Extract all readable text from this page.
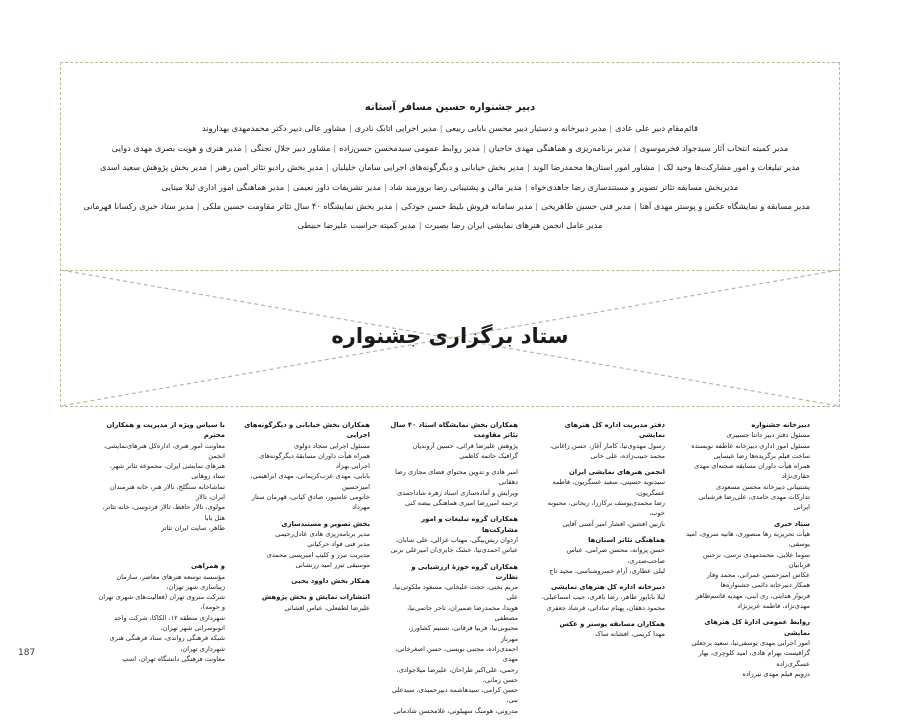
دبیر جشنواره حسین مسافر آستانه
قائم‌مقام دبیر علی عادی|مدیر دبیرخانه و دستیار دبیر محسن بابایی ربیعی|مدیر اجرایی اتابک نادری|مشاور عالی دبیر دکتر محمدمهدی بهداروند
مدیر کمیته انتخاب آثار سیدجواد فخرموسوی|مدیر برنامه‌ریزی و هماهنگی مهدی حاجیان|مدیر روابط عمومی سیدمحسن حسن‌زاده|مشاور دبیر جلال تجنگی|مدیر هنری و هویت بصری مهدی دوایی
مدیر تبلیغات و امور مشارکت‌ها وحید لک|مشاور امور استان‌ها محمدرضا الوند|مدیر بخش خیابانی و دیگرگونه‌های اجرایی سامان خلیلیان|مدیر بخش رادیو تئاتر امین رهبر|مدیر بخش پژوهش سعید اسدی
مدیربخش مسابقه تئاتر تصویر و مستندسازی رضا جاهدی‌خواه|مدیر مالی و پشتیبانی رضا بروزمند شاد|مدیر تشریفات داور نعیمی|مدیر هماهنگی امور اداری لیلا مینایی
مدیر مسابقه و نمایشگاه عکس و پوستر مهدی آهنا|مدیر فنی حسین طاهریخی|مدیر سامانه فروش بلیط حسن جودکی|مدیر بخش نمایشگاه ۴۰ سال تئاتر مقاومت حسین ملکی|مدیر ستاد خبری رکسانا قهرمانی
مدیر عامل انجمن هنرهای نمایشی ایران رضا بصیرت|مدیر کمیته حراست علیرضا حبیطی
ستاد برگزاری جشنواره
دبیرخانه جشنواره

مسئول دفتر دبیر داتنا جسیبری
مسئول امور اداری دبیرخانه عاطفه نویسنده
ساخت فیلم برگزیده‌ها رضا عیسایی
همراه هیأت داوران مسابقه صحنه‌ای مهدی حقاری‌نژاد
پشتیبانی دبیرخانه محسن مسعودی
تدارکات مهدی حامدی، علی‌رضا فرشبانی ایزانی

ستاد خبری

هیأت تحریریه رها منصوری، هانیه سروی، امید یوسفی،
سوما علایی، محمدمهدی نرسی، نرجس قربانیان
عکاس امیرحسین عمرانی، محمد وفار
همکار دبیرخانه دائمی جشنواره‌ها
فرنوار هدایتی، ری اینی، مهدیه قاسم‌ظاهر مهدی‌نژاد، فاطمه عزیزنژاد

روابط عمومی ادارهٔ کل هنرهای نمایشی

امور اجرایی مهدی یوسفی‌نیا، سعید برجعلی
گرافیست بهرام هادی، امید کلوچری، بهار عسگری‌زاده
درویم فیلم مهدی نیرزاده

دفتر مدیریت اداره کل هنرهای نمایشی

رسول مهدوی‌نیا، کامار آغاز، حسن زاغانی، محمد حبیب‌زاده، علی خانی

انجمن هنرهای نمایشی ایران

سیدنوید حسینی، سعید عسگریون، فاطمه عسگریون،
رضا محمدی‌یوسف برکارزا، ریحانی، محبوبه خوب،
نازنین افشین، افشار امیر آشنی آقایی

هماهنگی تئاتر استان‌ها

حسن پروانه، محسن صرامی، عباس صاحب‌صدری،
لیلی عطاری، آرام خسروشناسی، مجید تاج

دبیرخانه اداره کل هنرهای نمایشی

لیلا باباپور طاهر، رضا باقری، جیب اسماعیلی،
محمود دهقان، پهنام ساداتی، فرشاد جعفری

همکاران مسابقه پوستر و عکس

مهدا کریمی، افشانه ساک

همکاران بخش نمایشگاه استاد ۴۰ سال تئاتر مقاومت

پژوهش علیرضا قرائی، حسین آروندیان
گرافیک خاتمه کاظمی

امیر هادی و تدوین محتوای فضای مجازی رضا دهقانی
ویرایش و آماده‌سازی اسناد زهره شاداحمدی
ترجمه امیررضا امیری هماهنگی بیضه کنی

همکاران گروه تبلیغات و امور مشارکت‌ها

اردوان ریس‌بیگی، مهتاب غزالی، علی شابان،
عباس احمدی‌نیا، خشک جابری‌ان امیرعلی بزنی

همکاران گروه حوزهٔ ارزشیابی و نظارت

مریم بختی، حجت علیخانی، مسعود ملکوتی‌نیا، علی
هویدا، محمدرضا ضمیران، تاجر حاتمی‌نیا، مصطفی
محبوبی‌نیا، فربیا فرقانی، تسنیم کشاورز، مهرناز
احمدی‌زاده، مجتبی نویسی، حسن اصغرخانی، مهدی
رحمی، علی‌اکبر طراحان، علیرضا میلاجوادی، حسن زمانی،
حسن کرامی، سیدهاشمه دبیرحمیدی، سیدعلی نبی،
مدرونی، هومنگ سهیلونی، غلامحسن شادمانی

همکاران بخش خیابانی و دیگرگونه‌های اجرایی

مسئول اجرایی سجاد دولوی
همراه هیأت داوران مسابقهٔ دیگرگونه‌های اجرایی بهزاد
بابایی، مهدی عرب‌کریمانی، مهدی ابراهیمی، امیرحسین
خانومی عاسیور، صادق کیانی، قهرمان ستار مهرداد

بخش تصویر و مستندسازی

مدیر برنامه‌ریزی هادی عادل‌رحیمی
مدیر فنی فواد حرکیانی
مدیریت تیزر و کلیپ امیرپسی محمدی
موسیقی تیزر امید زرنشانی

همکار بخش داوود یحیی

انتشارات نمایش و بخش پژوهش

علیرضا لطفعلی، عباس افشانی

با سپاس ویژه از مدیریت و همکاران محترم

معاونت امور هنری، اداره‌کل هنرهای‌نمایشی، انجمن
هنرهای نمایشی ایران، مجموعه تئاتر شهر، ستاد زوهانی
تماشاخانه سنگلج، تالار هنر، خانه هنرمندان ایران، تالار
مولوی، تالار حافظ، تالار فردوسی، خانه تئاتر، هتل بابا
طاهر، سایت ایران تئاتر

و همراهی

مؤسسه توسعه هنرهای معاصر، سازمان زیباسازی شهر تهران،
شرکت متروی تهران (فعالیت‌های شهری تهران و حومه)،
شهرداری منطقه ۱۲، الکاکا، شرکت واحد اتوبوسرانی شهر تهران،
شبکه فرهنگی رواندی، ستاد فرهنگی هنری شهرداری تهران،
معاونت فرهنگی دانشگاه تهران، اسپ

187
